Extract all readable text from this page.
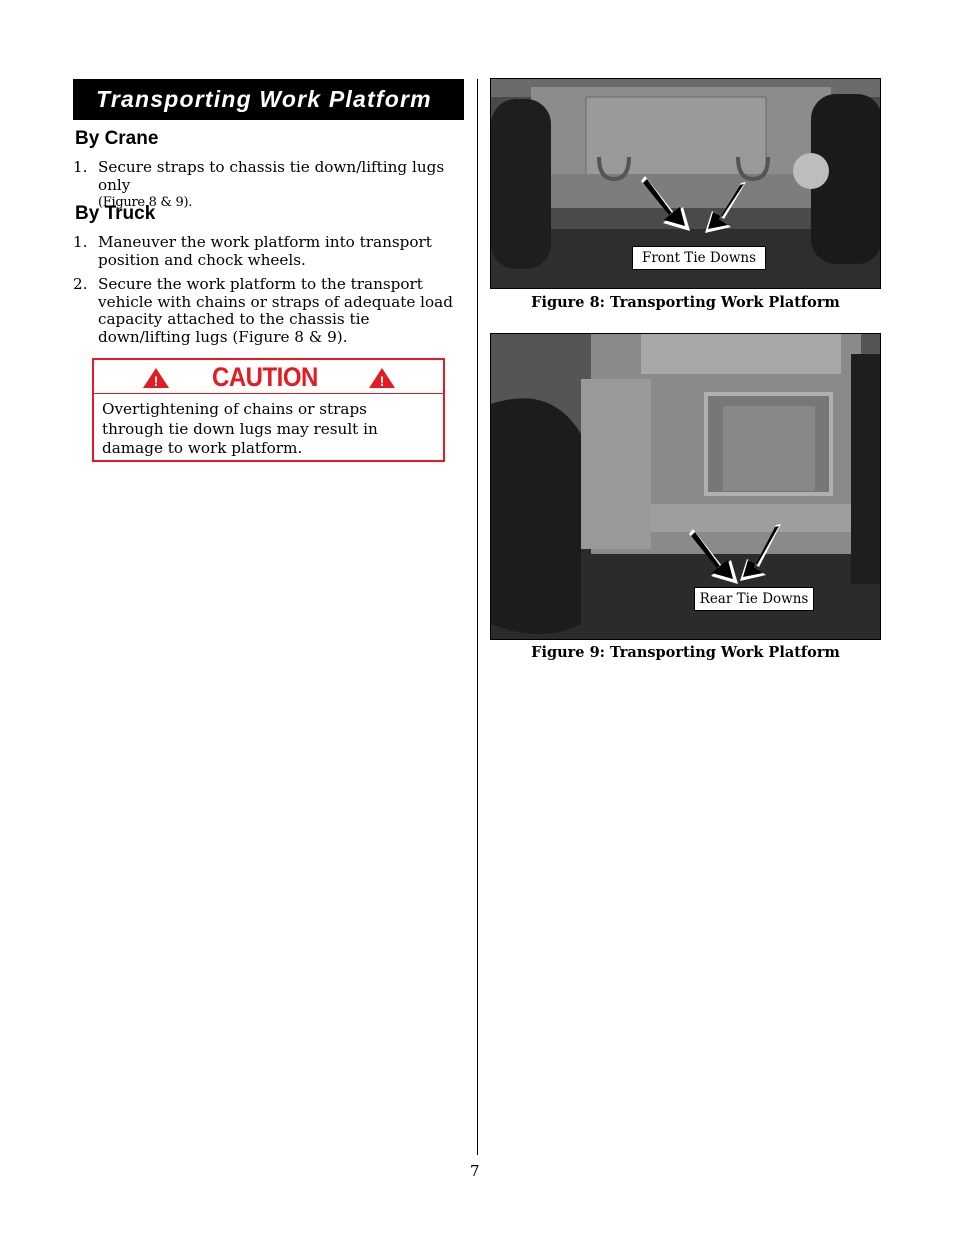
Transporting Work Platform
By Crane
1. Secure straps to chassis tie down/lifting lugs only
(Figure 8 & 9).
By Truck
1. Maneuver the work platform into transport position and chock wheels.
2. Secure the work platform to the transport vehicle with chains or straps of adequate load capacity attached to the chassis tie down/lifting lugs (Figure 8 & 9).
! CAUTION	!
Overtightening of chains or straps through tie down lugs may result in damage to work platform.
Front Tie Downs
Figure 8: Transporting Work Platform
Rear Tie Downs
Figure 9: Transporting Work Platform
7
